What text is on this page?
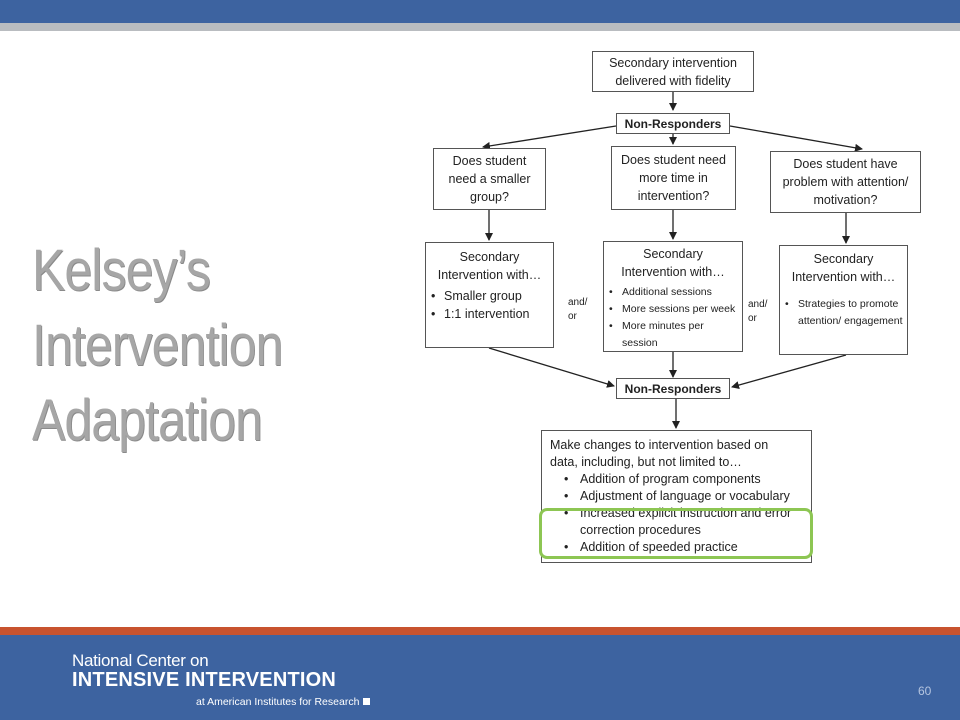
Kelsey’s
Intervention
Adaptation
Secondary intervention
delivered with fidelity
Non-Responders
Does student
need a smaller
group?
Does student need
more time in
intervention?
Does student have
problem with attention/
motivation?
Secondary
Intervention with…
• Smaller group
• 1:1 intervention
and/
or
Secondary
Intervention with…
• Additional sessions
• More sessions per week
• More minutes per session
and/
or
Secondary
Intervention with…
• Strategies to promote attention/ engagement
Non-Responders
Make changes to intervention based on
data, including, but not limited to…
• Addition of program components
• Adjustment of language or vocabulary
• Increased explicit instruction and error correction procedures
• Addition of speeded practice
National Center on
INTENSIVE INTERVENTION
at American Institutes for Research
60
